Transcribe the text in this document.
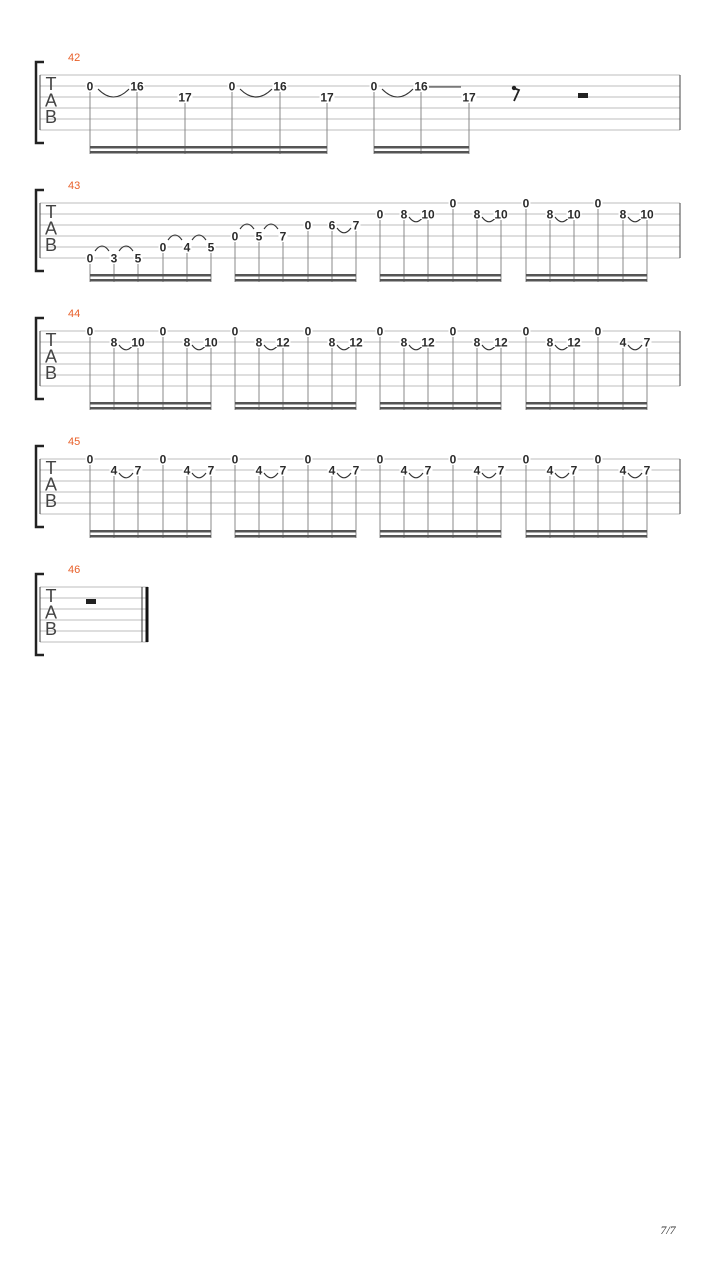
7/7
T
A
B
42
0	16
17
0	16
17
0	16
17
T
A
B
43
0 3 5
0 4 5
0 5 7
0 6 7
0 8 10
0
8 10
0
8 10
0
8 10
T
A
B
44
0
8 10
0
8 10
0
8 12
0
8 12
0
8 12
0
8 12
0
8 12
0
4 7
T
A
B
45
0
4 7
0
4 7
0
4 7
0
4 7
0
4 7
0
4 7
0
4 7
0
4 7
T
A
B
46
